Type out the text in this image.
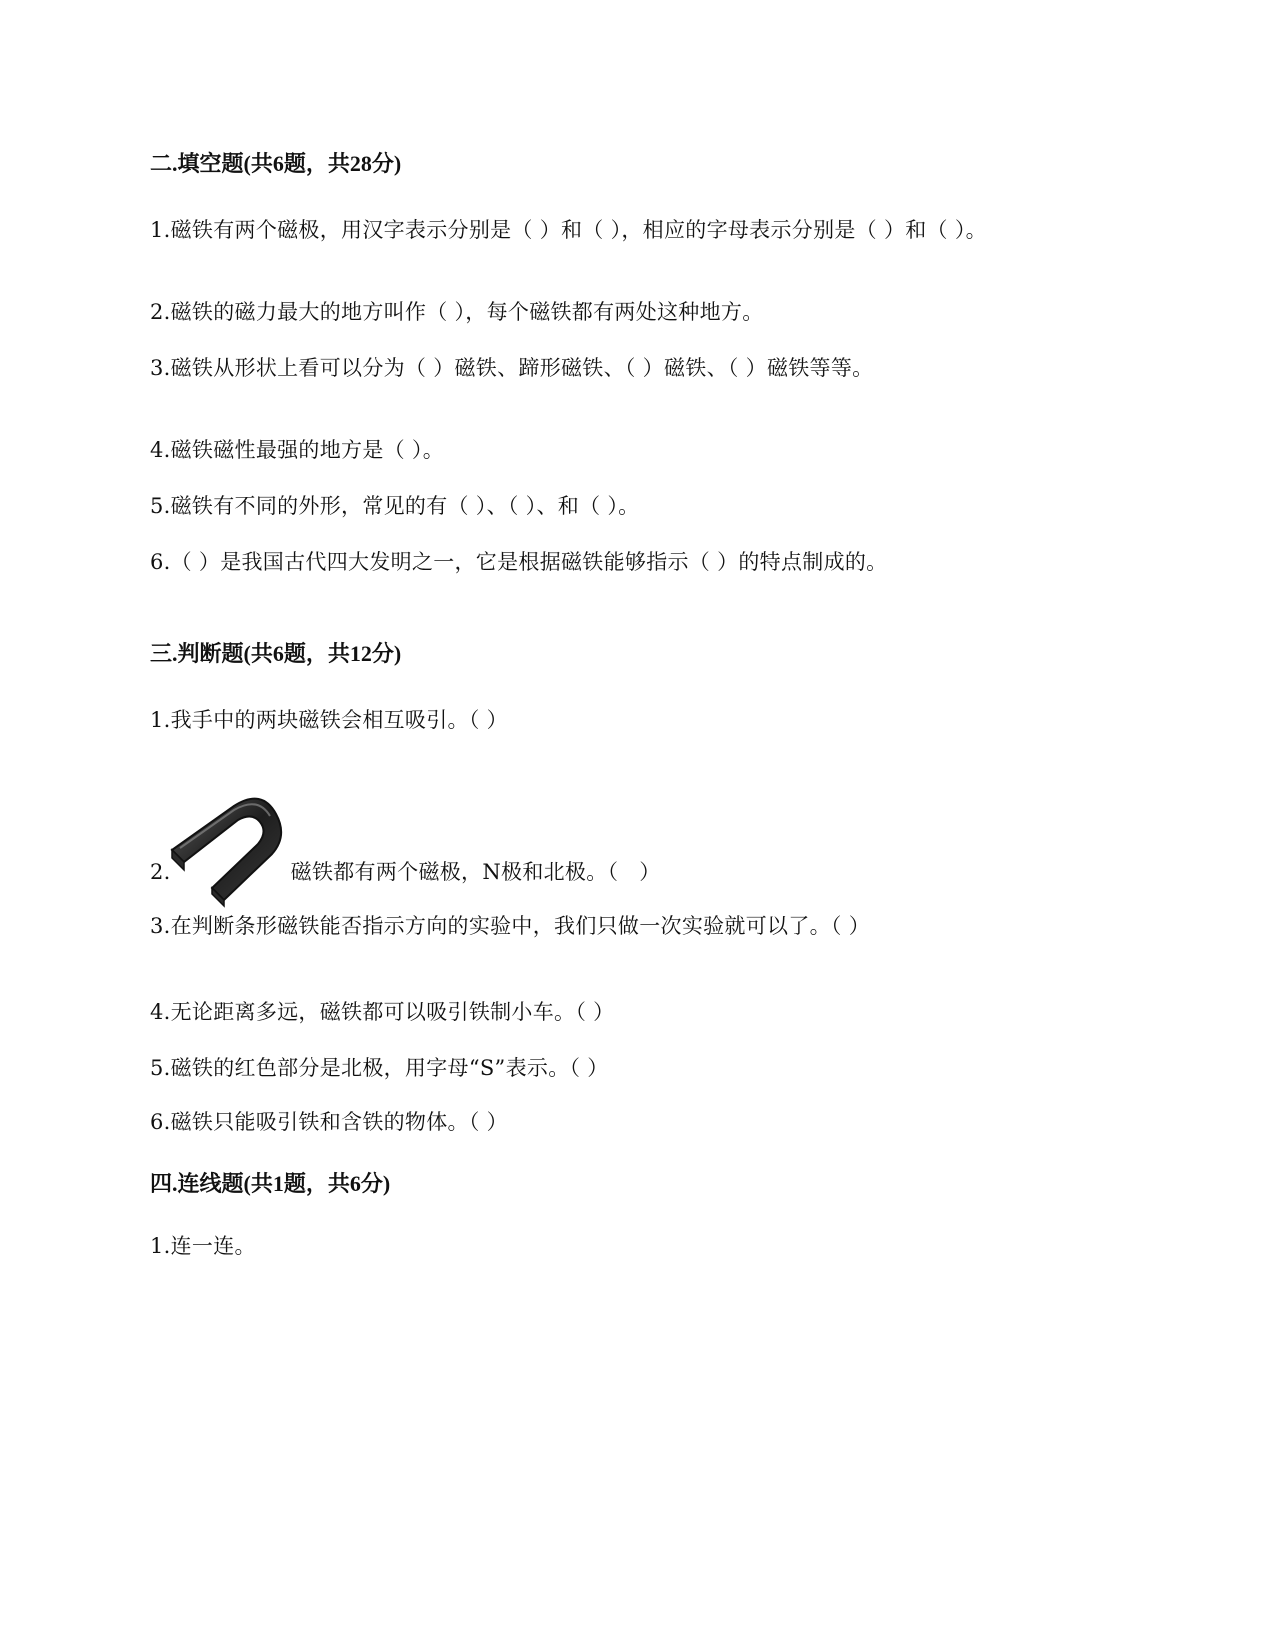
二.填空题(共6题，共28分)
1.磁铁有两个磁极，用汉字表示分别是（ ）和（ ），相应的字母表示分别是（ ）和（ ）。
2.磁铁的磁力最大的地方叫作（ ），每个磁铁都有两处这种地方。
3.磁铁从形状上看可以分为（ ）磁铁、蹄形磁铁、（ ）磁铁、（ ）磁铁等等。
4.磁铁磁性最强的地方是（ ）。
5.磁铁有不同的外形，常见的有（ ）、（ ）、和（ ）。
6.（ ）是我国古代四大发明之一，它是根据磁铁能够指示（ ）的特点制成的。
三.判断题(共6题，共12分)
1.我手中的两块磁铁会相互吸引。（ ）
2.	磁铁都有两个磁极，N极和北极。（   ）
3.在判断条形磁铁能否指示方向的实验中，我们只做一次实验就可以了。（ ）
4.无论距离多远，磁铁都可以吸引铁制小车。（ ）
5.磁铁的红色部分是北极，用字母“S”表示。（ ）
6.磁铁只能吸引铁和含铁的物体。（ ）
四.连线题(共1题，共6分)
1.连一连。
